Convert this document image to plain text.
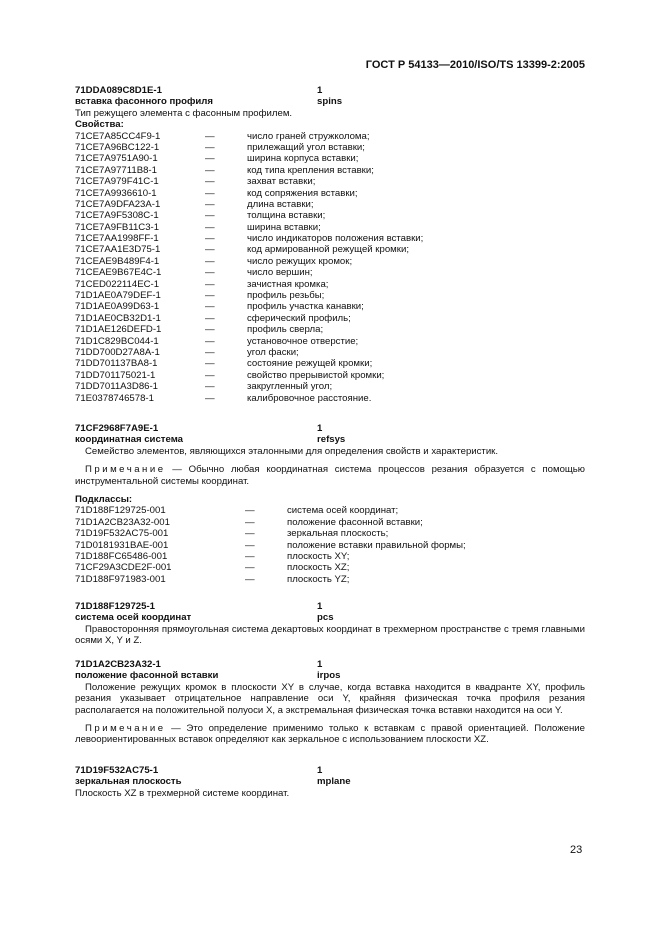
ГОСТ Р 54133—2010/ISO/TS 13399-2:2005
71DDA089C8D1E-1	1
вставка фасонного профиля	spins

Тип режущего элемента с фасонным профилем.

Свойства:
71CE7A85CC4F9-1	—	число граней стружколома;
71CE7A96BC122-1	—	прилежащий угол вставки;
71CE7A9751A90-1	—	ширина корпуса вставки;
71CE7A97711B8-1	—	код типа крепления вставки;
71CE7A979F41C-1	—	захват вставки;
71CE7A9936610-1	—	код сопряжения вставки;
71CE7A9DFA23A-1	—	длина вставки;
71CE7A9F5308C-1	—	толщина вставки;
71CE7A9FB11C3-1	—	ширина вставки;
71CE7AA1998FF-1	—	число индикаторов положения вставки;
71CE7AA1E3D75-1	—	код армированной режущей кромки;
71CEAE9B489F4-1	—	число режущих кромок;
71CEAE9B67E4C-1	—	число вершин;
71CED022114EC-1	—	зачистная кромка;
71D1AE0A79DEF-1	—	профиль резьбы;
71D1AE0A99D63-1	—	профиль участка канавки;
71D1AE0CB32D1-1	—	сферический профиль;
71D1AE126DEFD-1	—	профиль сверла;
71D1C829BC044-1	—	установочное отверстие;
71DD700D27A8A-1	—	угол фаски;
71DD701137BA8-1	—	состояние режущей кромки;
71DD701175021-1	—	свойство прерывистой кромки;
71DD7011A3D86-1	—	закругленный угол;
71E0378746578-1	—	калибровочное расстояние.
71CF2968F7A9E-1	1
координатная система	refsys

Семейство элементов, являющихся эталонными для определения свойств и характеристик.

Примечание — Обычно любая координатная система процессов резания образуется с помощью инструментальной системы координат.

Подклассы:
71D188F129725-001	—	система осей координат;
71D1A2CB23A32-001	—	положение фасонной вставки;
71D19F532AC75-001	—	зеркальная плоскость;
71D0181931BAE-001	—	положение вставки правильной формы;
71D188FC65486-001	—	плоскость XY;
71CF29A3CDE2F-001	—	плоскость XZ;
71D188F971983-001	—	плоскость YZ;
71D188F129725-1	1
система осей координат	pcs

Правосторонняя прямоугольная система декартовых координат в трехмерном пространстве с тремя главными осями X, Y и Z.

71D1A2CB23A32-1	1
положение фасонной вставки	irpos

Положение режущих кромок в плоскости XY в случае, когда вставка находится в квадранте XY, профиль резания указывает отрицательное направление оси Y, крайняя физическая точка профиля резания располагается на положительной полуоси X, а экстремальная физическая точка вставки находится на оси Y.

Примечание — Это определение применимо только к вставкам с правой ориентацией. Положение левоориентированных вставок определяют как зеркальное с использованием плоскости XZ.

71D19F532AC75-1	1
зеркальная плоскость	mplane

Плоскость XZ в трехмерной системе координат.

23
